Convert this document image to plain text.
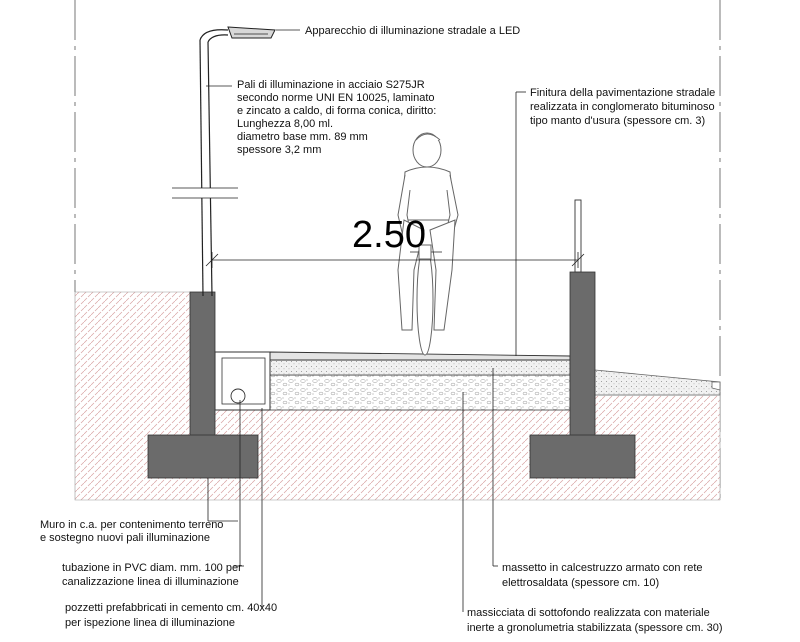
2.50
Apparecchio di illuminazione stradale a LED
Pali di illuminazione in acciaio S275JR secondo norme UNI EN 10025, laminato e zincato a caldo, di forma conica, diritto: Lunghezza 8,00 ml. diametro base mm. 89 mm spessore 3,2 mm
Finitura della pavimentazione stradale realizzata in conglomerato bituminoso tipo manto d'usura (spessore cm. 3)
Muro in c.a. per contenimento terreno e sostegno nuovi pali illuminazione
tubazione in PVC diam. mm. 100 per canalizzazione linea di illuminazione
pozzetti prefabbricati in cemento cm. 40x40 per ispezione linea di illuminazione
massetto in calcestruzzo armato con rete elettrosaldata (spessore cm. 10)
massicciata di sottofondo realizzata con materiale inerte a gronolumetria stabilizzata (spessore cm. 30)
